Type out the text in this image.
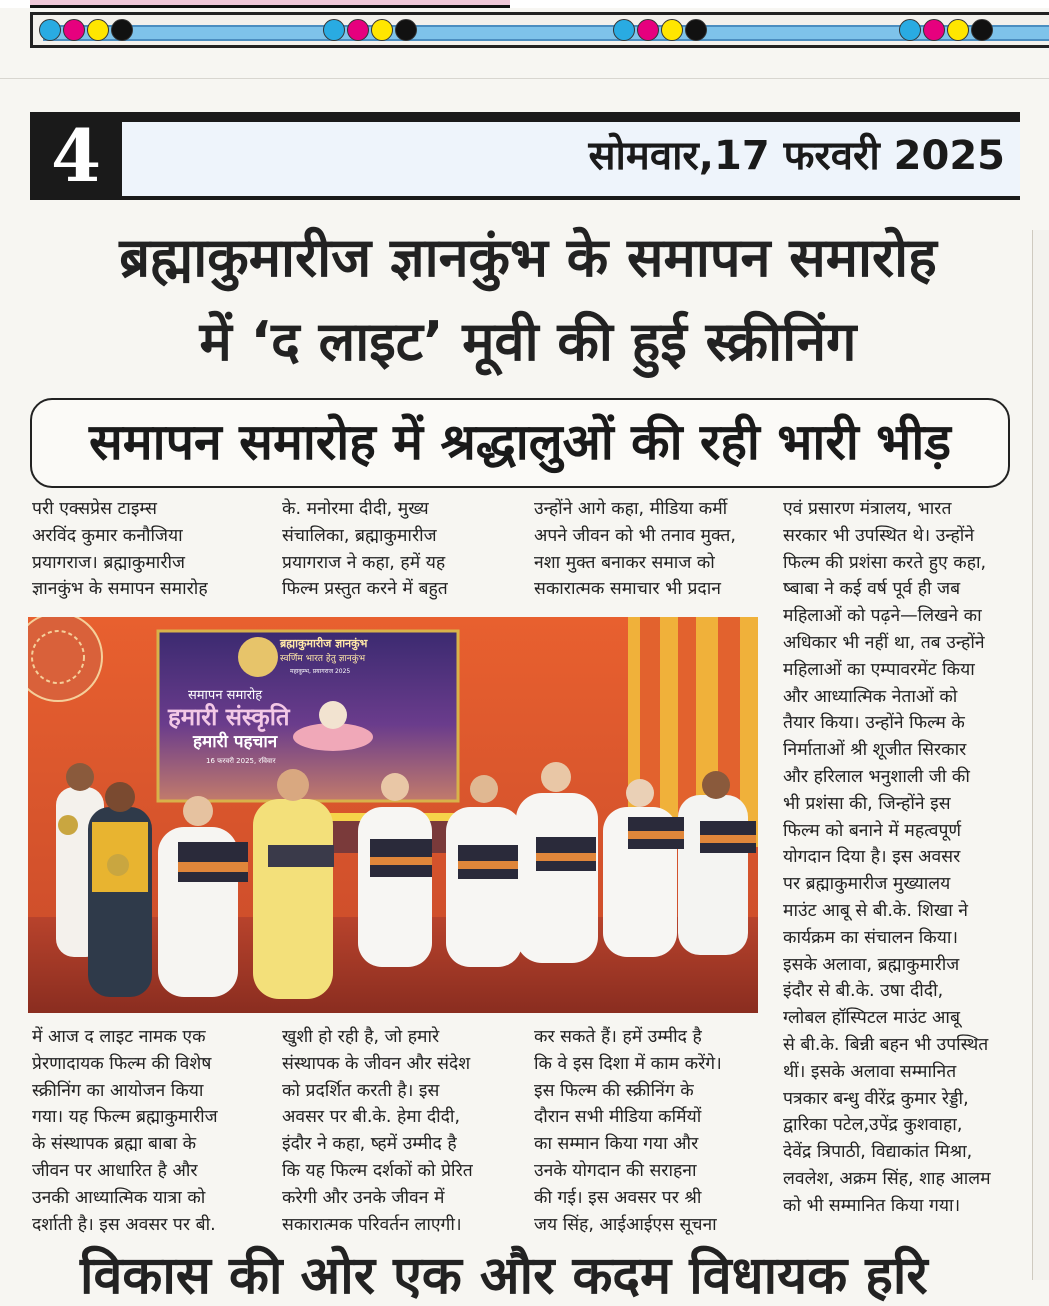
4	सोमवार,17 फरवरी 2025
ब्रह्माकुमारीज ज्ञानकुंभ के समापन समारोह
में ‘द लाइट’ मूवी की हुई स्क्रीनिंग
समापन समारोह में श्रद्धालुओं की रही भारी भीड़
परी एक्सप्रेस टाइम्स
अरविंद कुमार कनौजिया
प्रयागराज। ब्रह्माकुमारीज
ज्ञानकुंभ के समापन समारोह
के. मनोरमा दीदी, मुख्य
संचालिका, ब्रह्माकुमारीज
प्रयागराज ने कहा, हमें यह
फिल्म प्रस्तुत करने में बहुत
उन्होंने आगे कहा, मीडिया कर्मी
अपने जीवन को भी तनाव मुक्त,
नशा मुक्त बनाकर समाज को
सकारात्मक समाचार भी प्रदान
एवं प्रसारण मंत्रालय, भारत
सरकार भी उपस्थित थे। उन्होंने
फिल्म की प्रशंसा करते हुए कहा,
ष्बाबा ने कई वर्ष पूर्व ही जब
महिलाओं को पढ़ने—लिखने का
अधिकार भी नहीं था, तब उन्होंने
महिलाओं का एम्पावरमेंट किया
और आध्यात्मिक नेताओं को
तैयार किया। उन्होंने फिल्म के
निर्माताओं श्री शूजीत सिरकार
और हरिलाल भनुशाली जी की
भी प्रशंसा की, जिन्होंने इस
फिल्म को बनाने में महत्वपूर्ण
योगदान दिया है। इस अवसर
पर ब्रह्माकुमारीज मुख्यालय
माउंट आबू से बी.के. शिखा ने
कार्यक्रम का संचालन किया।
इसके अलावा, ब्रह्माकुमारीज
इंदौर से बी.के. उषा दीदी,
ग्लोबल हॉस्पिटल माउंट आबू
से बी.के. बिन्नी बहन भी उपस्थित
थीं। इसके अलावा सम्मानित
पत्रकार बन्धु वीरेंद्र कुमार रेड्डी,
द्वारिका पटेल,उपेंद्र कुशवाहा,
देवेंद्र त्रिपाठी, विद्याकांत मिश्रा,
लवलेश, अक्रम सिंह, शाह आलम
को भी सम्मानित किया गया।
ब्रह्माकुमारीज ज्ञानकुंभ
स्वर्णिम भारत हेतु ज्ञानकुंभ
महाकुम्भ, प्रयागराज 2025
समापन समारोह
हमारी संस्कृति
हमारी पहचान
16 फरवरी 2025, रविवार
में आज द लाइट नामक एक
प्रेरणादायक फिल्म की विशेष
स्क्रीनिंग का आयोजन किया
गया। यह फिल्म ब्रह्माकुमारीज
के संस्थापक ब्रह्मा बाबा के
जीवन पर आधारित है और
उनकी आध्यात्मिक यात्रा को
दर्शाती है। इस अवसर पर बी.
खुशी हो रही है, जो हमारे
संस्थापक के जीवन और संदेश
को प्रदर्शित करती है। इस
अवसर पर बी.के. हेमा दीदी,
इंदौर ने कहा, ष्हमें उम्मीद है
कि यह फिल्म दर्शकों को प्रेरित
करेगी और उनके जीवन में
सकारात्मक परिवर्तन लाएगी।
कर सकते हैं। हमें उम्मीद है
कि वे इस दिशा में काम करेंगे।
इस फिल्म की स्क्रीनिंग के
दौरान सभी मीडिया कर्मियों
का सम्मान किया गया और
उनके योगदान की सराहना
की गई। इस अवसर पर श्री
जय सिंह, आईआईएस सूचना
विकास की ओर एक और कदम विधायक हरि
